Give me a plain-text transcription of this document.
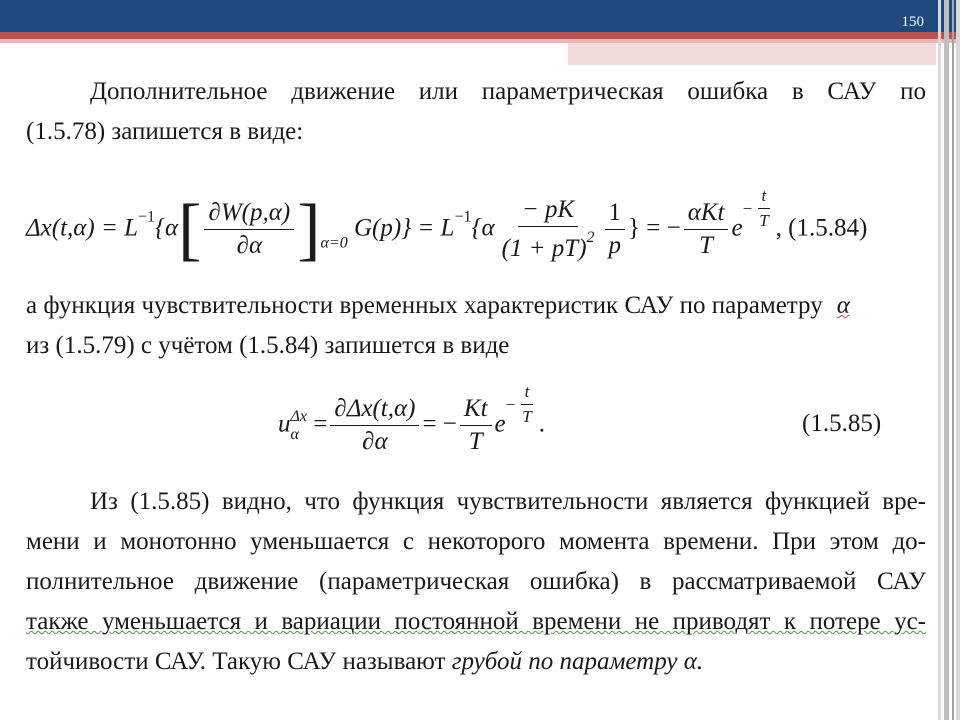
150

Дополнительное движение или параметрическая ошибка в САУ по

(1.5.78) запишется в виде:

$\Delta x(t,\alpha) = L^{-1}\{\alpha[ \frac{\partial W(p,\alpha)}{\partial\alpha} ]_{\alpha=0}$ $G(p)\} = L^{-1}\{\alpha \frac{- pK}{(1 + pT)^2} \frac{1}{p}$ } = − $\frac{\text{αKt}}{T}$ e
− $\frac{t}{T}$ , (1.5.84)

а функция чувствительности временных характеристик САУ по параметру α

из (1.5.79) с учётом (1.5.84) запишется в виде

u Δx
$\alpha = \frac{\partial\Delta x(t,\alpha)}{\partial\alpha}$ = − $\frac{Kt}{T}$ e
− $\frac{t}{T}$ .	(1.5.85)

Из (1.5.85) видно, что функция чувствительности является функцией вре-

мени и монотонно уменьшается с некоторого момента времени. При этом до-

полнительное движение (параметрическая ошибка) в рассматриваемой САУ

также уменьшается и вариации постоянной времени не приводят к потере ус-

тойчивости САУ. Такую САУ называют грубой по параметру α.
